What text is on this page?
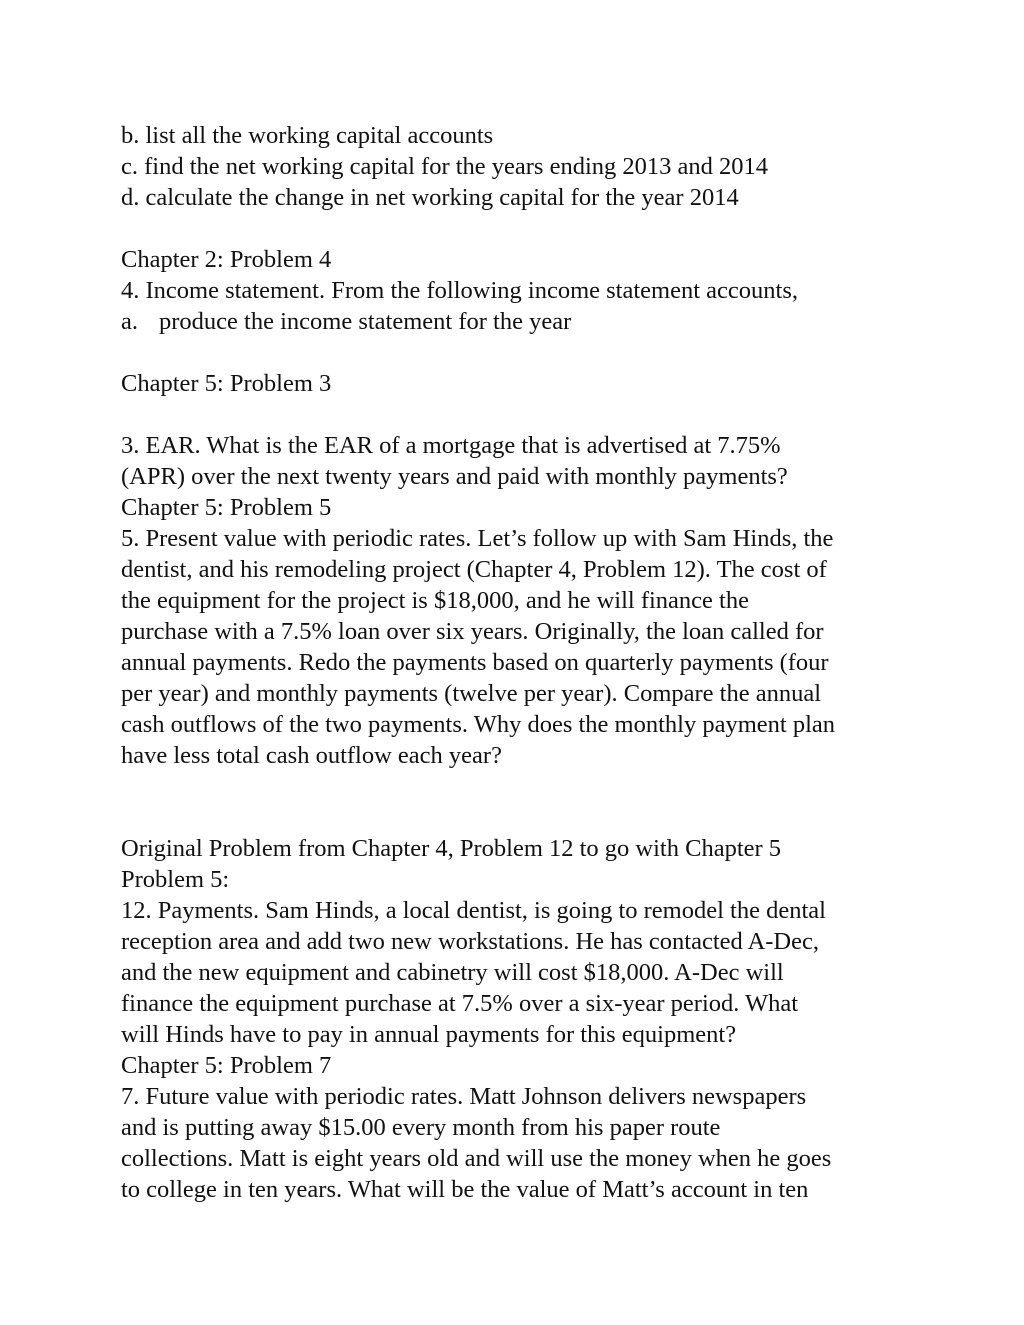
b. list all the working capital accounts
c. find the net working capital for the years ending 2013 and 2014
d. calculate the change in net working capital for the year 2014
Chapter 2: Problem 4
4. Income statement. From the following income statement accounts,
a. produce the income statement for the year
Chapter 5: Problem 3
3. EAR. What is the EAR of a mortgage that is advertised at 7.75%
(APR) over the next twenty years and paid with monthly payments?
Chapter 5: Problem 5
5. Present value with periodic rates. Let’s follow up with Sam Hinds, the
dentist, and his remodeling project (Chapter 4, Problem 12). The cost of
the equipment for the project is $18,000, and he will finance the
purchase with a 7.5% loan over six years. Originally, the loan called for
annual payments. Redo the payments based on quarterly payments (four
per year) and monthly payments (twelve per year). Compare the annual
cash outflows of the two payments. Why does the monthly payment plan
have less total cash outflow each year?
Original Problem from Chapter 4, Problem 12 to go with Chapter 5
Problem 5:
12. Payments. Sam Hinds, a local dentist, is going to remodel the dental
reception area and add two new workstations. He has contacted A-Dec,
and the new equipment and cabinetry will cost $18,000. A-Dec will
finance the equipment purchase at 7.5% over a six-year period. What
will Hinds have to pay in annual payments for this equipment?
Chapter 5: Problem 7
7. Future value with periodic rates. Matt Johnson delivers newspapers
and is putting away $15.00 every month from his paper route
collections. Matt is eight years old and will use the money when he goes
to college in ten years. What will be the value of Matt’s account in ten
